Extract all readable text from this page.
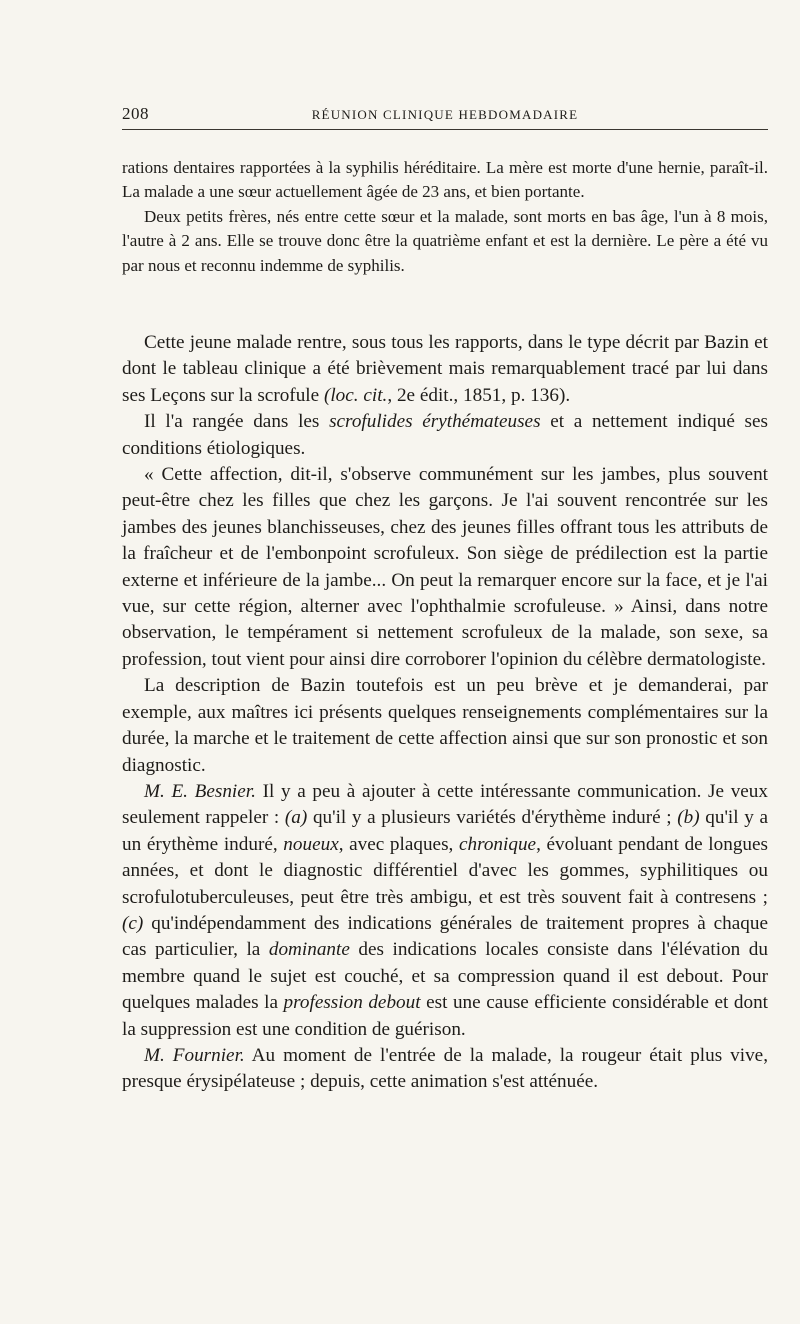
208	RÉUNION CLINIQUE HEBDOMADAIRE

rations dentaires rapportées à la syphilis héréditaire. La mère est morte d'une hernie, paraît-il. La malade a une sœur actuellement âgée de 23 ans, et bien portante.

Deux petits frères, nés entre cette sœur et la malade, sont morts en bas âge, l'un à 8 mois, l'autre à 2 ans. Elle se trouve donc être la quatrième enfant et est la dernière. Le père a été vu par nous et reconnu indemme de syphilis.

Cette jeune malade rentre, sous tous les rapports, dans le type décrit par Bazin et dont le tableau clinique a été brièvement mais remarquablement tracé par lui dans ses Leçons sur la scrofule (loc. cit., 2e édit., 1851, p. 136).

Il l'a rangée dans les scrofulides érythémateuses et a nettement indiqué ses conditions étiologiques.

« Cette affection, dit-il, s'observe communément sur les jambes, plus souvent peut-être chez les filles que chez les garçons. Je l'ai souvent rencontrée sur les jambes des jeunes blanchisseuses, chez des jeunes filles offrant tous les attributs de la fraîcheur et de l'embonpoint scrofuleux. Son siège de prédilection est la partie externe et inférieure de la jambe... On peut la remarquer encore sur la face, et je l'ai vue, sur cette région, alterner avec l'ophthalmie scrofuleuse. » Ainsi, dans notre observation, le tempérament si nettement scrofuleux de la malade, son sexe, sa profession, tout vient pour ainsi dire corroborer l'opinion du célèbre dermatologiste.

La description de Bazin toutefois est un peu brève et je demanderai, par exemple, aux maîtres ici présents quelques renseignements complémentaires sur la durée, la marche et le traitement de cette affection ainsi que sur son pronostic et son diagnostic.

M. E. Besnier. Il y a peu à ajouter à cette intéressante communication. Je veux seulement rappeler : (a) qu'il y a plusieurs variétés d'érythème induré ; (b) qu'il y a un érythème induré, noueux, avec plaques, chronique, évoluant pendant de longues années, et dont le diagnostic différentiel d'avec les gommes, syphilitiques ou scrofulotuberculeuses, peut être très ambigu, et est très souvent fait à contresens ; (c) qu'indépendamment des indications générales de traitement propres à chaque cas particulier, la dominante des indications locales consiste dans l'élévation du membre quand le sujet est couché, et sa compression quand il est debout. Pour quelques malades la profession debout est une cause efficiente considérable et dont la suppression est une condition de guérison.

M. Fournier. Au moment de l'entrée de la malade, la rougeur était plus vive, presque érysipélateuse ; depuis, cette animation s'est atténuée.
